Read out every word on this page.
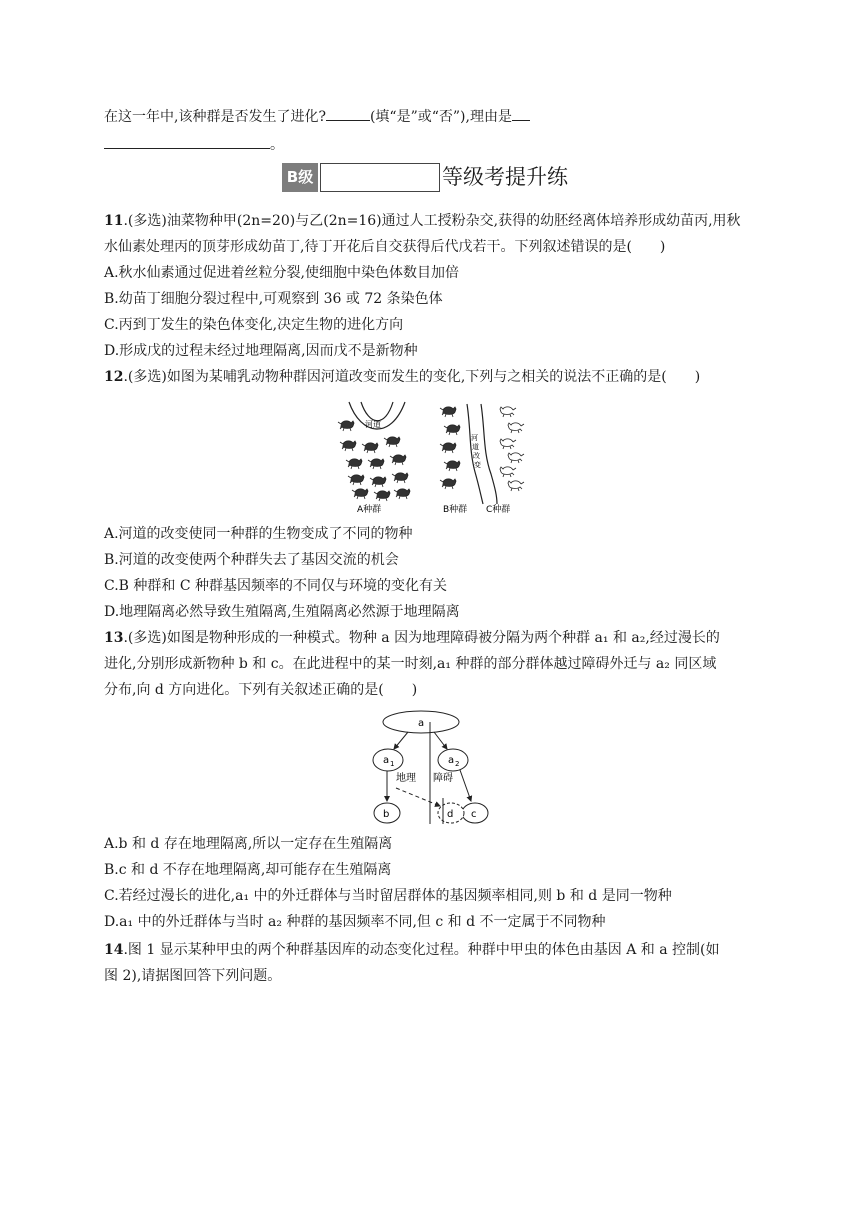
在这一年中,该种群是否发生了进化?	(填“是”或“否”),理由是
。
B级	等级考提升练
11.(多选)油菜物种甲(2n=20)与乙(2n=16)通过人工授粉杂交,获得的幼胚经离体培养形成幼苗丙,用秋
水仙素处理丙的顶芽形成幼苗丁,待丁开花后自交获得后代戊若干。下列叙述错误的是(　　)
A.秋水仙素通过促进着丝粒分裂,使细胞中染色体数目加倍
B.幼苗丁细胞分裂过程中,可观察到 36 或 72 条染色体
C.丙到丁发生的染色体变化,决定生物的进化方向
D.形成戊的过程未经过地理隔离,因而戊不是新物种
12.(多选)如图为某哺乳动物种群因河道改变而发生的变化,下列与之相关的说法不正确的是(　　)
河道
河
道
改
变
A种群	B种群 C种群
A.河道的改变使同一种群的生物变成了不同的物种
B.河道的改变使两个种群失去了基因交流的机会
C.B 种群和 C 种群基因频率的不同仅与环境的变化有关
D.地理隔离必然导致生殖隔离,生殖隔离必然源于地理隔离
13.(多选)如图是物种形成的一种模式。物种 a 因为地理障碍被分隔为两个种群 a₁ 和 a₂,经过漫长的
进化,分别形成新物种 b 和 c。在此进程中的某一时刻,a₁ 种群的部分群体越过障碍外迁与 a₂ 同区域
分布,向 d 方向进化。下列有关叙述正确的是(　　)
a
a 1	a 2
b	c
d
地理 障碍
A.b 和 d 存在地理隔离,所以一定存在生殖隔离
B.c 和 d 不存在地理隔离,却可能存在生殖隔离
C.若经过漫长的进化,a₁ 中的外迁群体与当时留居群体的基因频率相同,则 b 和 d 是同一物种
D.a₁ 中的外迁群体与当时 a₂ 种群的基因频率不同,但 c 和 d 不一定属于不同物种
14.图 1 显示某种甲虫的两个种群基因库的动态变化过程。种群中甲虫的体色由基因 A 和 a 控制(如
图 2),请据图回答下列问题。
